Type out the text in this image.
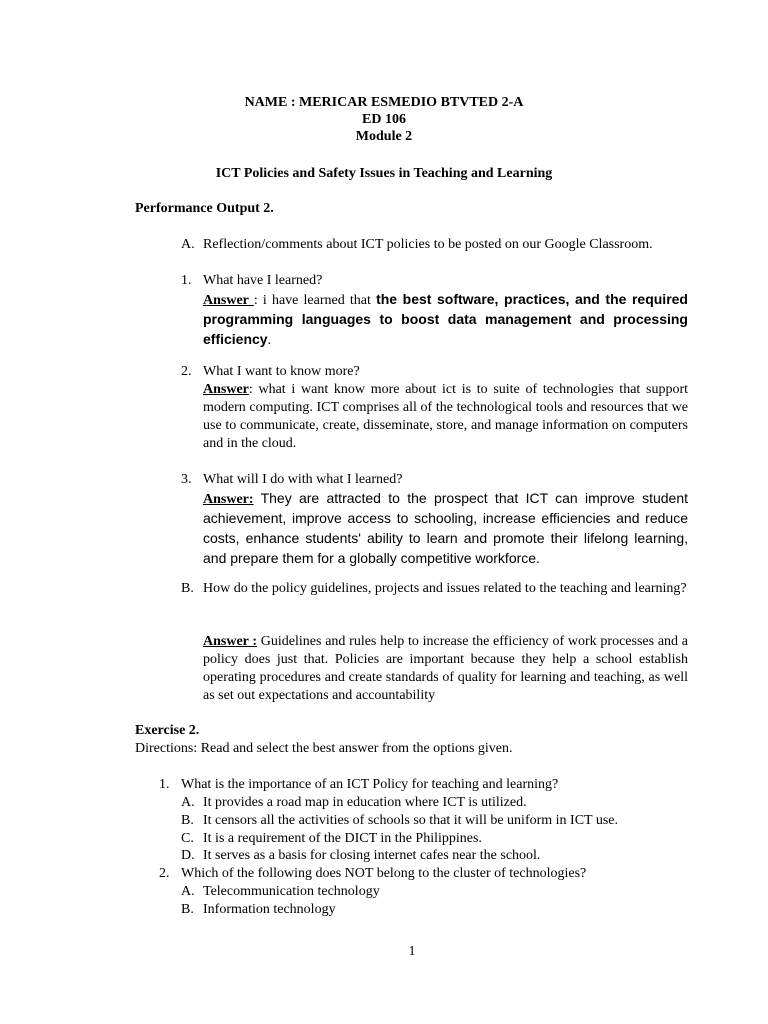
NAME : MERICAR ESMEDIO BTVTED 2-A
ED 106
Module 2
ICT Policies and Safety Issues in Teaching and Learning
Performance Output 2.
A. Reflection/comments about ICT policies to be posted on our Google Classroom.
1. What have I learned?
Answer : i have learned that the best software, practices, and the required programming languages to boost data management and processing efficiency.
2. What I want to know more?
Answer: what i want know more about ict is to suite of technologies that support modern computing. ICT comprises all of the technological tools and resources that we use to communicate, create, disseminate, store, and manage information on computers and in the cloud.
3. What will I do with what I learned?
Answer: They are attracted to the prospect that ICT can improve student achievement, improve access to schooling, increase efficiencies and reduce costs, enhance students' ability to learn and promote their lifelong learning, and prepare them for a globally competitive workforce.
B. How do the policy guidelines, projects and issues related to the teaching and learning?
Answer : Guidelines and rules help to increase the efficiency of work processes and a policy does just that. Policies are important because they help a school establish operating procedures and create standards of quality for learning and teaching, as well as set out expectations and accountability
Exercise 2.
Directions: Read and select the best answer from the options given.
1. What is the importance of an ICT Policy for teaching and learning?
A. It provides a road map in education where ICT is utilized.
B. It censors all the activities of schools so that it will be uniform in ICT use.
C. It is a requirement of the DICT in the Philippines.
D. It serves as a basis for closing internet cafes near the school.
2. Which of the following does NOT belong to the cluster of technologies?
A. Telecommunication technology
B. Information technology
1
